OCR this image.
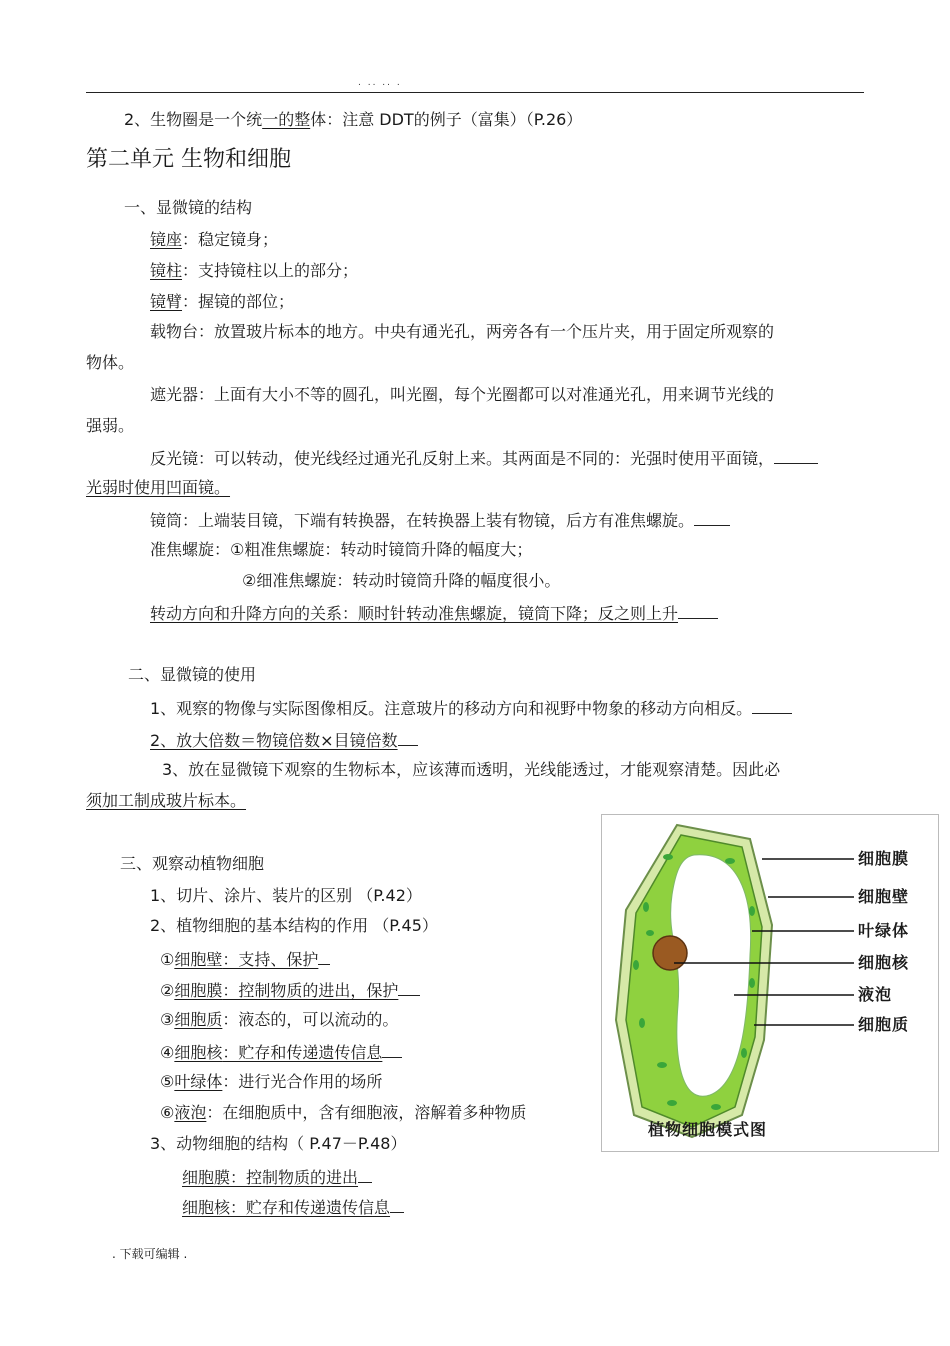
. .. .. .
2、生物圈是一个统一的整体：注意 DDT的例子（富集）（P.26）
第二单元 生物和细胞
一、显微镜的结构
镜座：稳定镜身；
镜柱：支持镜柱以上的部分；
镜臂：握镜的部位；
载物台：放置玻片标本的地方。中央有通光孔，两旁各有一个压片夹，用于固定所观察的
物体。
遮光器：上面有大小不等的圆孔，叫光圈，每个光圈都可以对准通光孔，用来调节光线的
强弱。
反光镜：可以转动，使光线经过通光孔反射上来。其两面是不同的：光强时使用平面镜，
光弱时使用凹面镜。
镜筒：上端装目镜，下端有转换器，在转换器上装有物镜，后方有准焦螺旋。
准焦螺旋：①粗准焦螺旋：转动时镜筒升降的幅度大；
②细准焦螺旋：转动时镜筒升降的幅度很小。
转动方向和升降方向的关系：顺时针转动准焦螺旋，镜筒下降；反之则上升
二、显微镜的使用
1、观察的物像与实际图像相反。注意玻片的移动方向和视野中物象的移动方向相反。
2、放大倍数＝物镜倍数×目镜倍数
3、放在显微镜下观察的生物标本，应该薄而透明，光线能透过，才能观察清楚。因此必
须加工制成玻片标本。
三、观察动植物细胞
1、切片、涂片、装片的区别 （P.42）
2、植物细胞的基本结构的作用 （P.45）
①细胞壁：支持、保护
②细胞膜：控制物质的进出，保护
③细胞质：液态的，可以流动的。
④细胞核：贮存和传递遗传信息
⑤叶绿体：进行光合作用的场所
⑥液泡：在细胞质中，含有细胞液，溶解着多种物质
3、动物细胞的结构（ P.47－P.48）
细胞膜：控制物质的进出
细胞核：贮存和传递遗传信息
细胞膜
细胞壁
叶绿体
细胞核
液泡
细胞质
植物细胞模式图
. 下载可编辑 .
